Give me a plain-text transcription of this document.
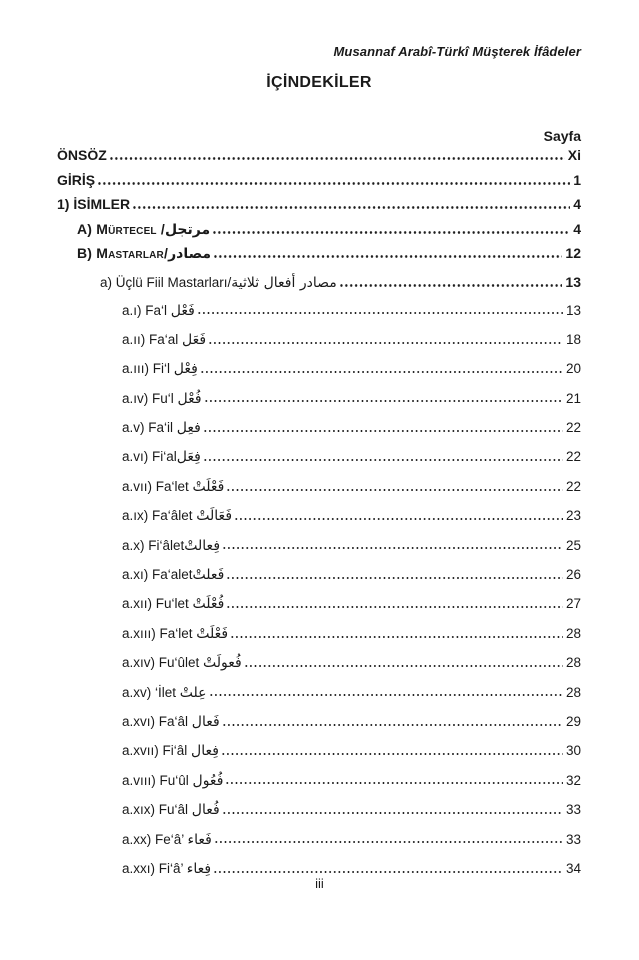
Musannaf Arabî-Türkî Müşterek İfâdeler
İÇİNDEKİLER
Sayfa
ÖNSÖZ	Xi
GİRİŞ	1
1) İSİMLER	4
A) Mürtecel / مرتجل	4
B) Mastarlar/ مصادر	12
a) Üçlü Fiil Mastarları/ مصادر أفعال ثلاثية	13
a.ı) Fa‘l فَعْل	13
a.ıı) Fa‘al فَعَل	18
a.ııı) Fi‘l فِعْل	20
a.ıv) Fu‘l فُعْل	21
a.v) Fa‘il فعِل	22
a.vı) Fi‘al فِعَل	22
a.vıı) Fa‘let فَعْلَتْ	22
a.ıx) Fa‘âlet فَعَالَتْ	23
a.x) Fi‘âlet فِعالتْ	25
a.xı) Fa‘alet فَعلتْ	26
a.xıı) Fu‘let فُعْلَتْ	27
a.xııı) Fa‘let فَعْلَتْ	28
a.xıv) Fu‘ûlet فُعولَتْ	28
a.xv) ‘İlet عِلتْ	28
a.xvı) Fa‘âl فَعال	29
a.xvıı) Fi‘âl فِعال	30
a.vııı) Fu‘ûl فُعُول	32
a.xıx) Fu‘âl فُعال	33
a.xx) Fe‘â’ فَعاء	33
a.xxı) Fi‘â’ فِعاء	34
iii
